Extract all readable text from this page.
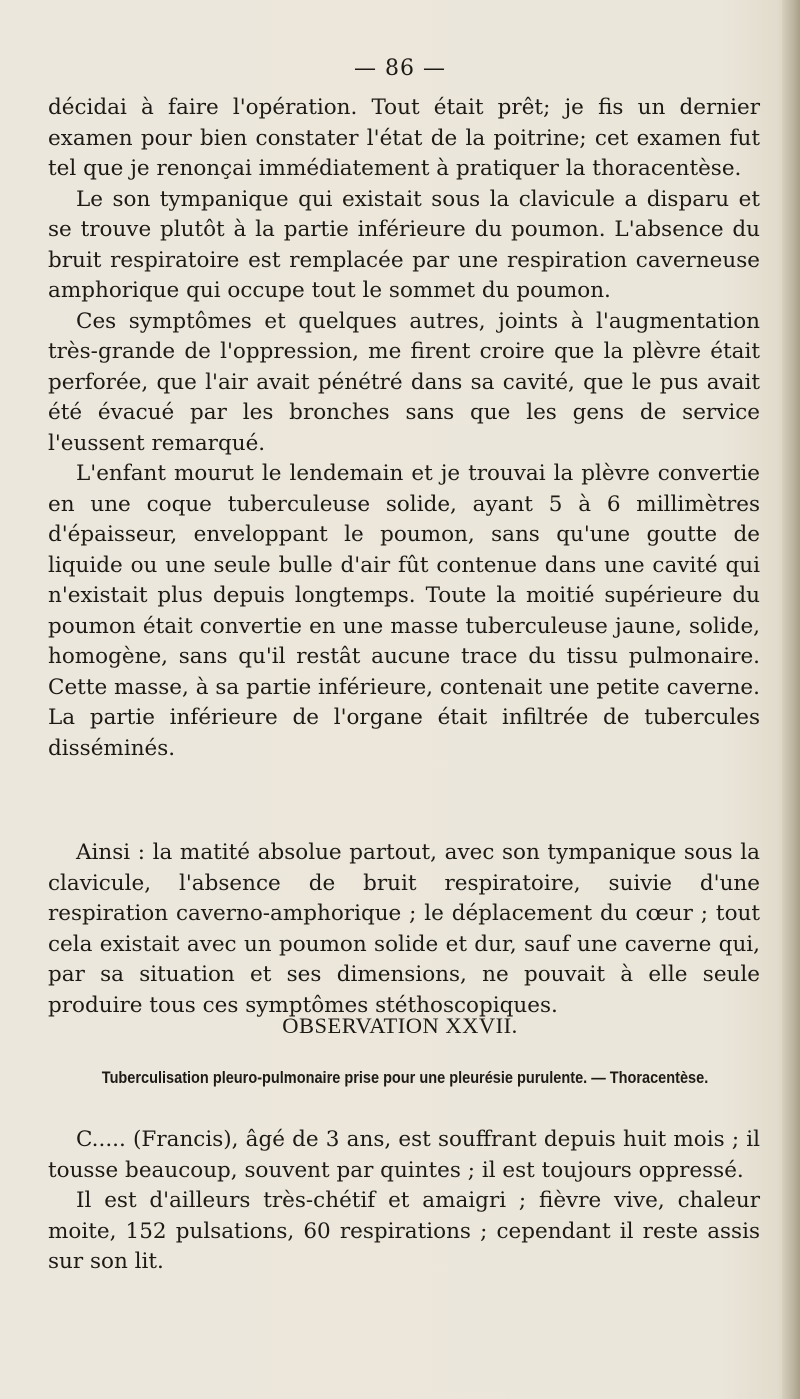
— 86 —

décidai à faire l'opération. Tout était prêt; je fis un dernier examen pour bien constater l'état de la poitrine; cet examen fut tel que je renonçai immédiatement à pratiquer la thoracentèse.

Le son tympanique qui existait sous la clavicule a disparu et se trouve plutôt à la partie inférieure du poumon. L'absence du bruit respiratoire est remplacée par une respiration caverneuse amphorique qui occupe tout le sommet du poumon.

Ces symptômes et quelques autres, joints à l'augmentation très-grande de l'oppression, me firent croire que la plèvre était perforée, que l'air avait pénétré dans sa cavité, que le pus avait été évacué par les bronches sans que les gens de service l'eussent remarqué.

L'enfant mourut le lendemain et je trouvai la plèvre convertie en une coque tuberculeuse solide, ayant 5 à 6 millimètres d'épaisseur, enveloppant le poumon, sans qu'une goutte de liquide ou une seule bulle d'air fût contenue dans une cavité qui n'existait plus depuis longtemps. Toute la moitié supérieure du poumon était convertie en une masse tuberculeuse jaune, solide, homogène, sans qu'il restât aucune trace du tissu pulmonaire. Cette masse, à sa partie inférieure, contenait une petite caverne. La partie inférieure de l'organe était infiltrée de tubercules disséminés.

Ainsi : la matité absolue partout, avec son tympanique sous la clavicule, l'absence de bruit respiratoire, suivie d'une respiration caverno-amphorique ; le déplacement du cœur ; tout cela existait avec un poumon solide et dur, sauf une caverne qui, par sa situation et ses dimensions, ne pouvait à elle seule produire tous ces symptômes stéthoscopiques.

OBSERVATION XXVII.
Tuberculisation pleuro-pulmonaire prise pour une pleurésie purulente. — Thoracentèse.

C..... (Francis), âgé de 3 ans, est souffrant depuis huit mois ; il tousse beaucoup, souvent par quintes ; il est toujours oppressé.

Il est d'ailleurs très-chétif et amaigri ; fièvre vive, chaleur moite, 152 pulsations, 60 respirations ; cependant il reste assis sur son lit.
